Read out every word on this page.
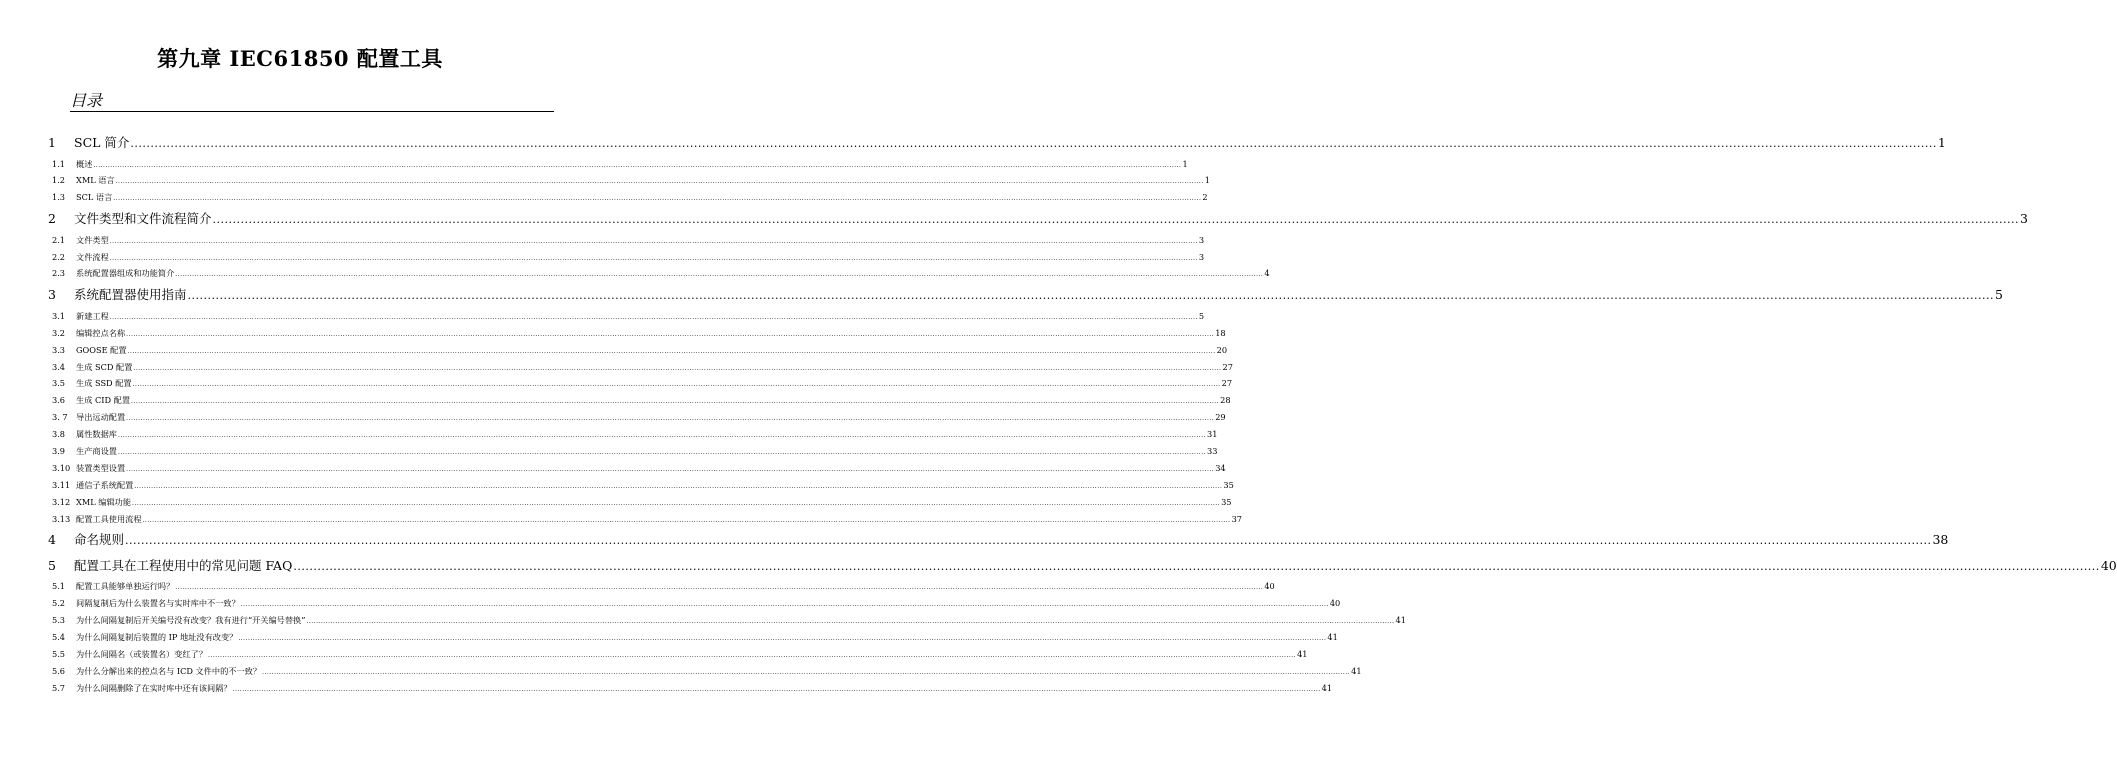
第九章 IEC61850 配置工具
目录
1	SCL 简介 .................................................................................................................................................................................................................................................................................................................................................................................................................................................................... 1
1.1	概述 .................................................................................................................................................................................................................................................................................................................................................................................................................................................................... 1
1.2	XML 语言 .................................................................................................................................................................................................................................................................................................................................................................................................................................................................... 1
1.3	SCL 语言 .................................................................................................................................................................................................................................................................................................................................................................................................................................................................... 2
2	文件类型和文件流程简介 .................................................................................................................................................................................................................................................................................................................................................................................................................................................................... 3
2.1	文件类型 .................................................................................................................................................................................................................................................................................................................................................................................................................................................................... 3
2.2	文件流程 .................................................................................................................................................................................................................................................................................................................................................................................................................................................................... 3
2.3	系统配置器组成和功能简介 .................................................................................................................................................................................................................................................................................................................................................................................................................................................................... 4
3	系统配置器使用指南 .................................................................................................................................................................................................................................................................................................................................................................................................................................................................... 5
3.1	新建工程 .................................................................................................................................................................................................................................................................................................................................................................................................................................................................... 5
3.2	编辑控点名称 .................................................................................................................................................................................................................................................................................................................................................................................................................................................................... 18
3.3	GOOSE 配置 .................................................................................................................................................................................................................................................................................................................................................................................................................................................................... 20
3.4	生成 SCD 配置 .................................................................................................................................................................................................................................................................................................................................................................................................................................................................... 27
3.5	生成 SSD 配置 .................................................................................................................................................................................................................................................................................................................................................................................................................................................................... 27
3.6	生成 CID 配置 .................................................................................................................................................................................................................................................................................................................................................................................................................................................................... 28
3. 7	导出远动配置 .................................................................................................................................................................................................................................................................................................................................................................................................................................................................... 29
3.8	属性数据库 .................................................................................................................................................................................................................................................................................................................................................................................................................................................................... 31
3.9	生产商设置 .................................................................................................................................................................................................................................................................................................................................................................................................................................................................... 33
3.10 装置类型设置 .................................................................................................................................................................................................................................................................................................................................................................................................................................................................... 34
3.11 通信子系统配置 .................................................................................................................................................................................................................................................................................................................................................................................................................................................................... 35
3.12 XML 编辑功能 .................................................................................................................................................................................................................................................................................................................................................................................................................................................................... 35
3.13 配置工具使用流程 .................................................................................................................................................................................................................................................................................................................................................................................................................................................................... 37
4	命名规则 .................................................................................................................................................................................................................................................................................................................................................................................................................................................................... 38
5	配置工具在工程使用中的常见问题 FAQ .................................................................................................................................................................................................................................................................................................................................................................................................................................................................... 40
5.1	配置工具能够单独运行吗？ .................................................................................................................................................................................................................................................................................................................................................................................................................................................................... 40
5.2	间隔复制后为什么装置名与实时库中不一致？ .................................................................................................................................................................................................................................................................................................................................................................................................................................................................... 40
5.3	为什么间隔复制后开关编号没有改变？我有进行“开关编号替换” .................................................................................................................................................................................................................................................................................................................................................................................................................................................................... 41
5.4	为什么间隔复制后装置的 IP 地址没有改变？ .................................................................................................................................................................................................................................................................................................................................................................................................................................................................... 41
5.5	为什么间隔名（或装置名）变红了？ .................................................................................................................................................................................................................................................................................................................................................................................................................................................................... 41
5.6	为什么分解出来的控点名与 ICD 文件中的不一致？ .................................................................................................................................................................................................................................................................................................................................................................................................................................................................... 41
5.7	为什么间隔删除了在实时库中还有该间隔？ .................................................................................................................................................................................................................................................................................................................................................................................................................................................................... 41
